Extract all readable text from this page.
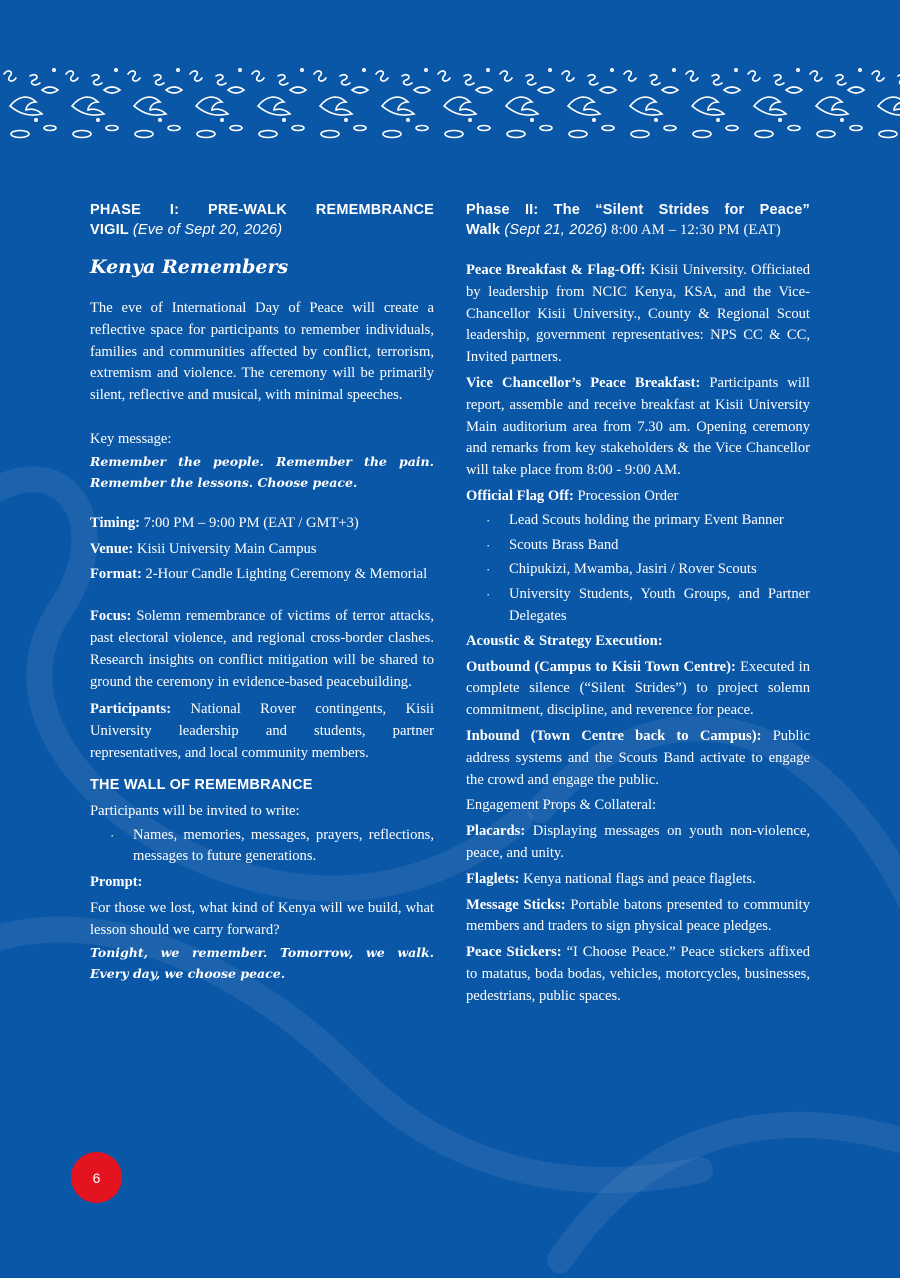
PHASE I: PRE-WALK REMEMBRANCE

VIGIL (Eve of Sept 20, 2026)

Kenya Remembers

The eve of International Day of Peace will create a reflective space for participants to remember individuals, families and communities affected by conflict, terrorism, extremism and violence. The ceremony will be primarily silent, reflective and musical, with minimal speeches.

Key message:

Remember the people. Remember the pain. Remember the lessons. Choose peace.

Timing: 7:00 PM – 9:00 PM (EAT / GMT+3)

Venue: Kisii University Main Campus

Format: 2-Hour Candle Lighting Ceremony & Memorial

Focus: Solemn remembrance of victims of terror attacks, past electoral violence, and regional cross-border clashes. Research insights on conflict mitigation will be shared to ground the ceremony in evidence-based peacebuilding.

Participants: National Rover contingents, Kisii University leadership and students, partner representatives, and local community members.

THE WALL OF REMEMBRANCE

Participants will be invited to write:

· Names, memories, messages, prayers, reflections, messages to future generations.

Prompt:

For those we lost, what kind of Kenya will we build, what lesson should we carry forward?

Tonight, we remember. Tomorrow, we walk. Every day, we choose peace.

Phase II: The “Silent Strides for Peace”

Walk (Sept 21, 2026) 8:00 AM – 12:30 PM (EAT)

Peace Breakfast & Flag-Off: Kisii University. Officiated by leadership from NCIC Kenya, KSA, and the Vice-Chancellor Kisii University., County & Regional Scout leadership, government representatives: NPS CC & CC, Invited partners.

Vice Chancellor’s Peace Breakfast: Participants will report, assemble and receive breakfast at Kisii University Main auditorium area from 7.30 am. Opening ceremony and remarks from key stakeholders & the Vice Chancellor will take place from 8:00 - 9:00 AM.

Official Flag Off: Procession Order

· Lead Scouts holding the primary Event Banner
· Scouts Brass Band
· Chipukizi, Mwamba, Jasiri / Rover Scouts
· University Students, Youth Groups, and Partner Delegates

Acoustic & Strategy Execution:

Outbound (Campus to Kisii Town Centre): Executed in complete silence (“Silent Strides”) to project solemn commitment, discipline, and reverence for peace.

Inbound (Town Centre back to Campus): Public address systems and the Scouts Band activate to engage the crowd and engage the public.

Engagement Props & Collateral:

Placards: Displaying messages on youth non-violence, peace, and unity.

Flaglets: Kenya national flags and peace flaglets.

Message Sticks: Portable batons presented to community members and traders to sign physical peace pledges.

Peace Stickers: “I Choose Peace.” Peace stickers affixed to matatus, boda bodas, vehicles, motorcycles, businesses, pedestrians, public spaces.

6
